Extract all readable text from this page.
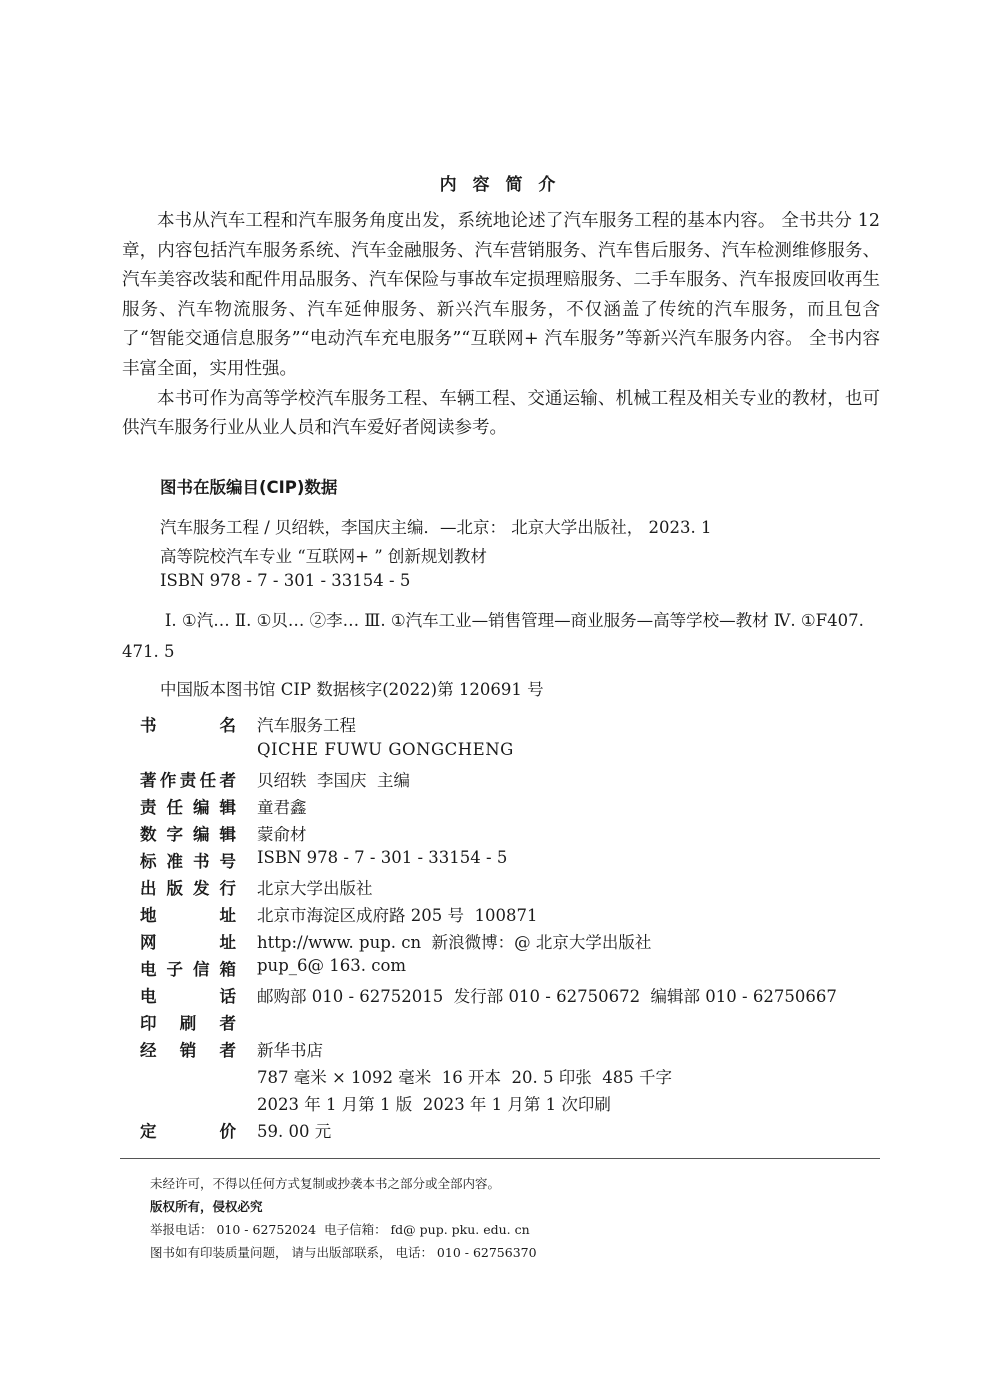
内 容 简 介

本书从汽车工程和汽车服务角度出发，系统地论述了汽车服务工程的基本内容。 全书共分 12 章，内容包括汽车服务系统、汽车金融服务、汽车营销服务、汽车售后服务、汽车检测维修服务、汽车美容改装和配件用品服务、汽车保险与事故车定损理赔服务、二手车服务、汽车报废回收再生服务、汽车物流服务、汽车延伸服务、新兴汽车服务，不仅涵盖了传统的汽车服务，而且包含了“智能交通信息服务”“电动汽车充电服务”“互联网+ 汽车服务”等新兴汽车服务内容。 全书内容丰富全面，实用性强。

本书可作为高等学校汽车服务工程、车辆工程、交通运输、机械工程及相关专业的教材，也可供汽车服务行业从业人员和汽车爱好者阅读参考。

图书在版编目(CIP)数据
汽车服务工程 / 贝绍轶，李国庆主编．—北京： 北京大学出版社， 2023. 1
高等院校汽车专业 “互联网+ ” 创新规划教材
ISBN 978 - 7 - 301 - 33154 - 5
Ⅰ. ①汽… Ⅱ. ①贝… ②李… Ⅲ. ①汽车工业—销售管理—商业服务—高等学校—教材 Ⅳ. ①F407. 471. 5
中国版本图书馆 CIP 数据核字(2022)第 120691 号
书名 汽车服务工程
QICHE FUWU GONGCHENG
著作责任者 贝绍轶  李国庆  主编
责任编辑 童君鑫
数字编辑 蒙俞材
标准书号 ISBN 978 - 7 - 301 - 33154 - 5
出版发行 北京大学出版社
地址 北京市海淀区成府路 205 号  100871
网址 http://www. pup. cn  新浪微博：@ 北京大学出版社
电子信箱 pup_6@ 163. com
电话 邮购部 010 - 62752015  发行部 010 - 62750672  编辑部 010 - 62750667
印刷者
经销者 新华书店
787 毫米 × 1092 毫米  16 开本  20. 5 印张  485 千字
2023 年 1 月第 1 版  2023 年 1 月第 1 次印刷
定价 59. 00 元
未经许可，不得以任何方式复制或抄袭本书之部分或全部内容。
版权所有，侵权必究
举报电话： 010 - 62752024  电子信箱： fd@ pup. pku. edu. cn
图书如有印装质量问题， 请与出版部联系， 电话： 010 - 62756370
